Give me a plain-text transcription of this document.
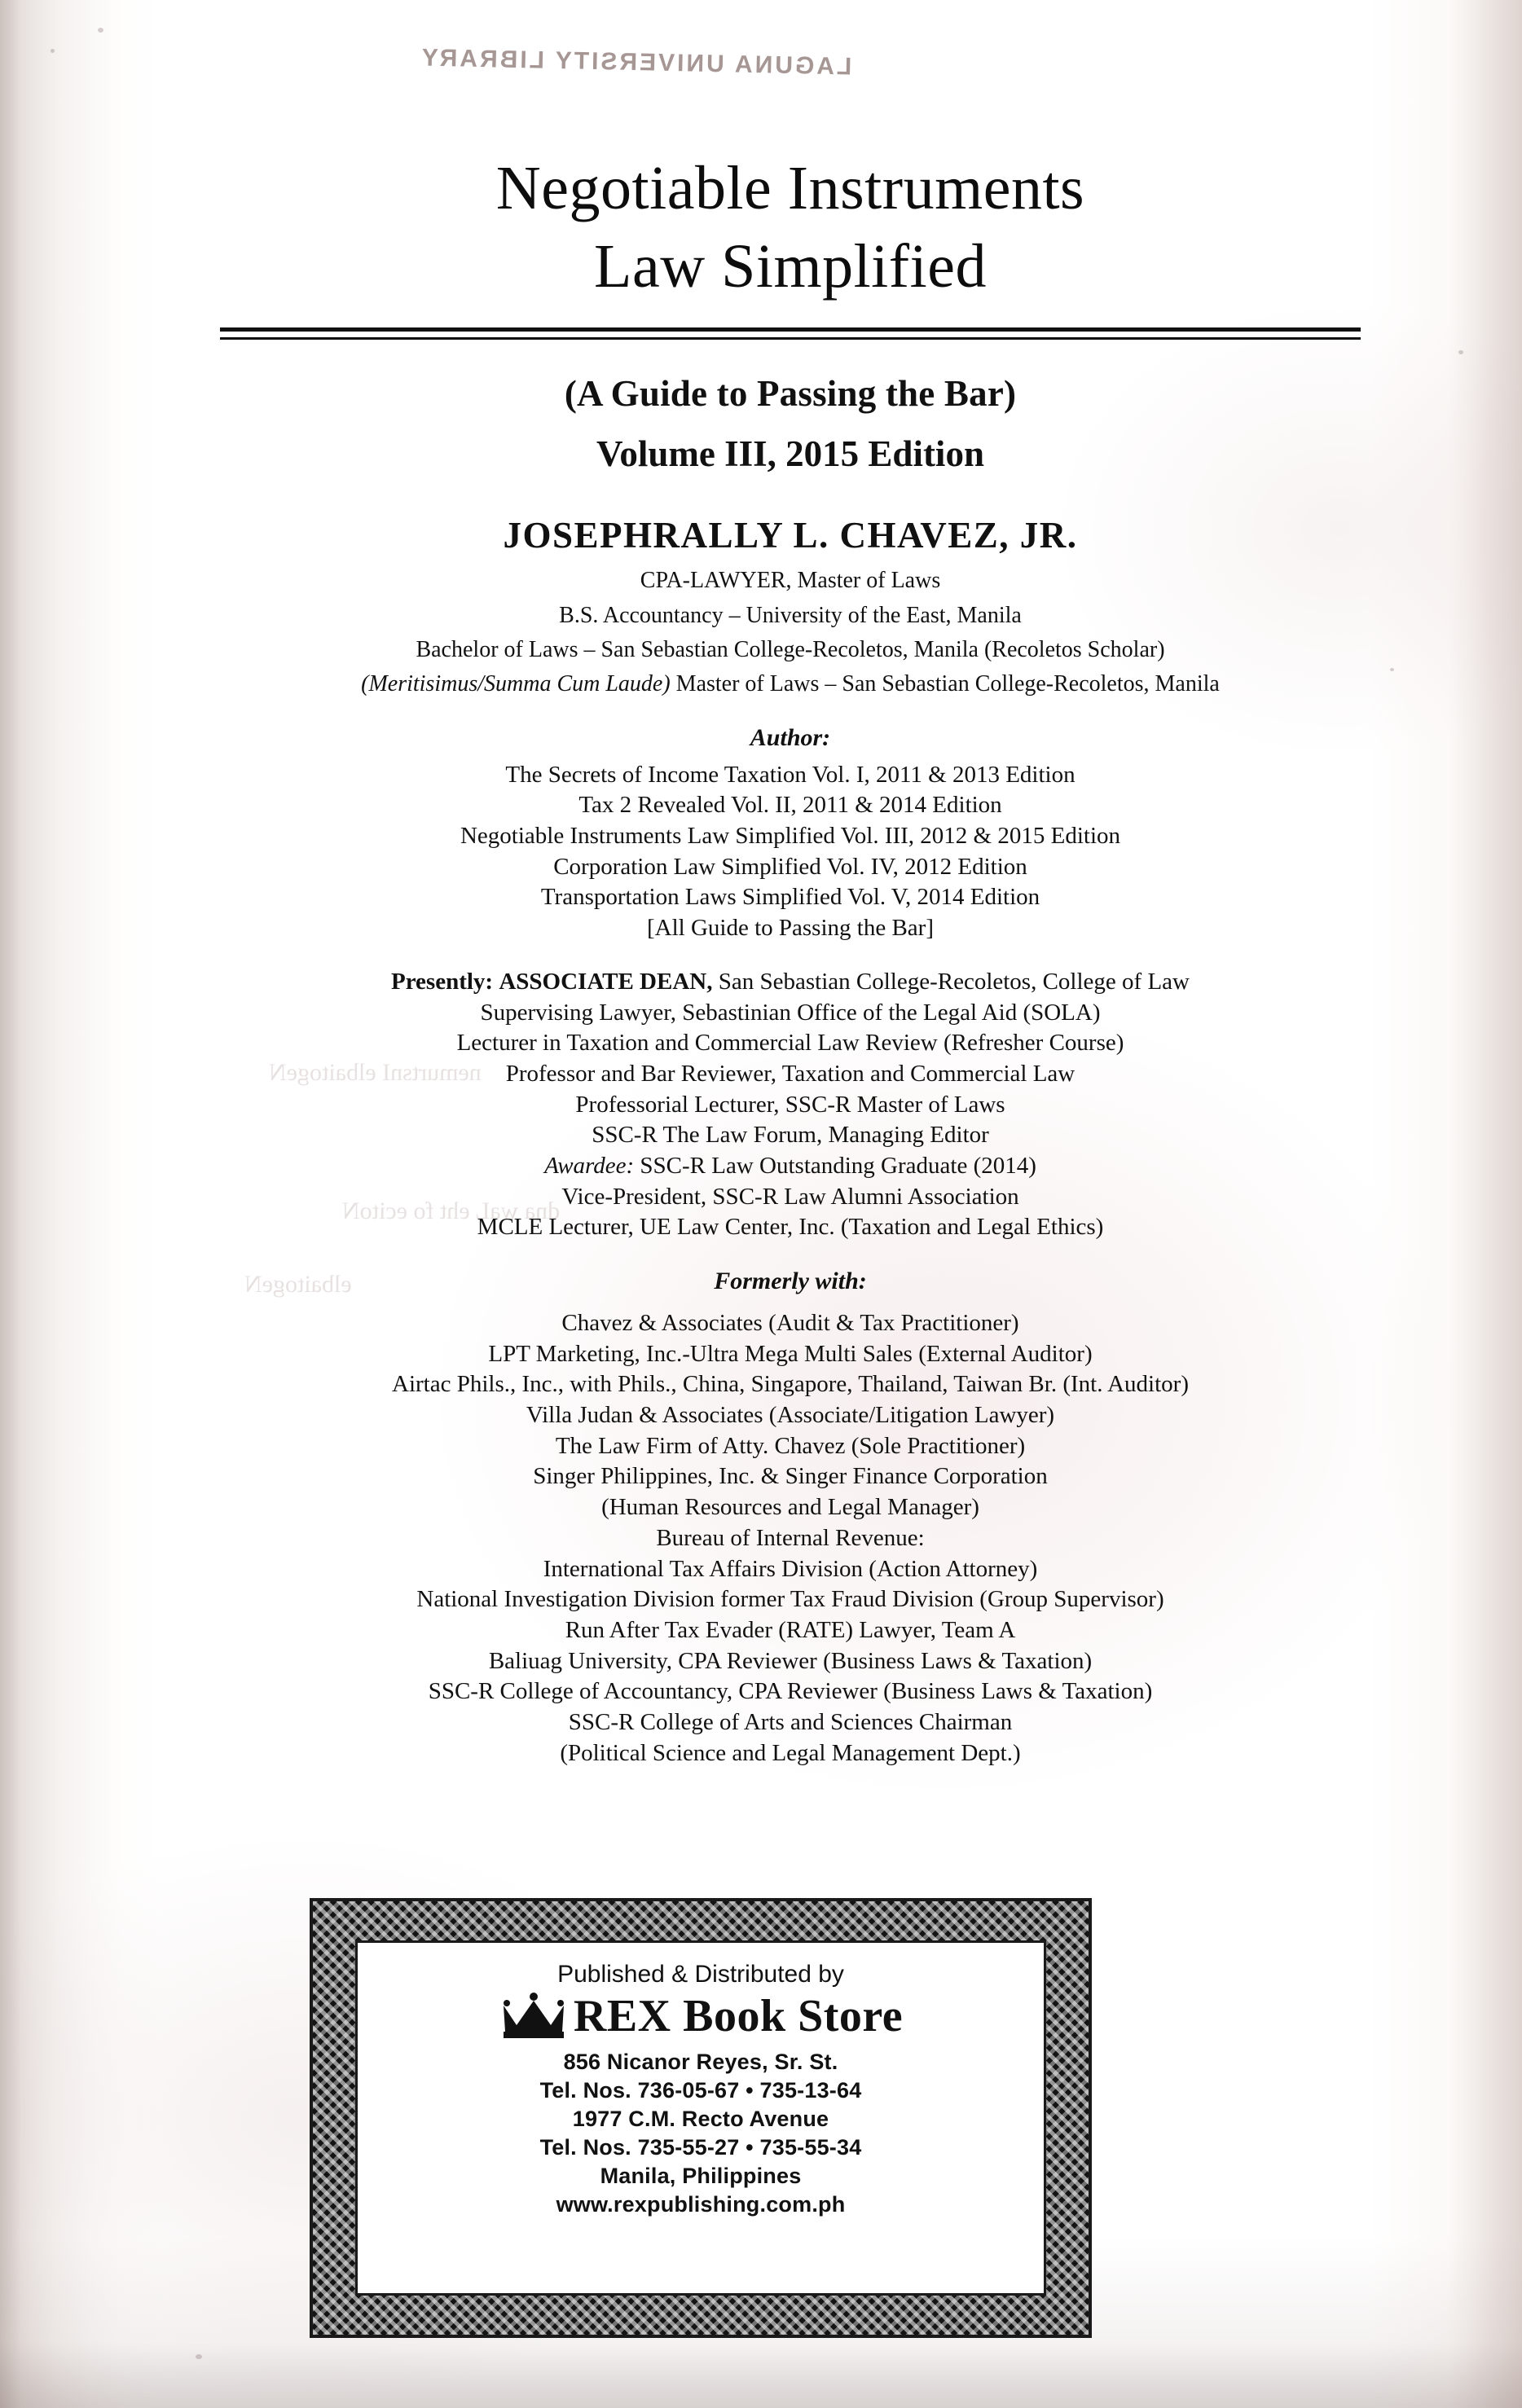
nemurtsnI elbaitogeN
dna waL eht fo ecitoN
elbaitogeN
LAGUNA UNIVERSITY LIBRARY
Negotiable Instruments
Law Simplified
(A Guide to Passing the Bar)
Volume III, 2015 Edition
JOSEPHRALLY L. CHAVEZ, JR.
CPA-LAWYER, Master of Laws
B.S. Accountancy – University of the East, Manila
Bachelor of Laws – San Sebastian College-Recoletos, Manila (Recoletos Scholar)
(Meritisimus/Summa Cum Laude) Master of Laws – San Sebastian College-Recoletos, Manila
Author:
The Secrets of Income Taxation Vol. I, 2011 & 2013 Edition
Tax 2 Revealed Vol. II, 2011 & 2014 Edition
Negotiable Instruments Law Simplified Vol. III, 2012 & 2015 Edition
Corporation Law Simplified Vol. IV, 2012 Edition
Transportation Laws Simplified Vol. V, 2014 Edition
[All Guide to Passing the Bar]
Presently: ASSOCIATE DEAN, San Sebastian College-Recoletos, College of Law
Supervising Lawyer, Sebastinian Office of the Legal Aid (SOLA)
Lecturer in Taxation and Commercial Law Review (Refresher Course)
Professor and Bar Reviewer, Taxation and Commercial Law
Professorial Lecturer, SSC-R Master of Laws
SSC-R The Law Forum, Managing Editor
Awardee: SSC-R Law Outstanding Graduate (2014)
Vice-President, SSC-R Law Alumni Association
MCLE Lecturer, UE Law Center, Inc. (Taxation and Legal Ethics)
Formerly with:
Chavez & Associates (Audit & Tax Practitioner)
LPT Marketing, Inc.-Ultra Mega Multi Sales (External Auditor)
Airtac Phils., Inc., with Phils., China, Singapore, Thailand, Taiwan Br. (Int. Auditor)
Villa Judan & Associates (Associate/Litigation Lawyer)
The Law Firm of Atty. Chavez (Sole Practitioner)
Singer Philippines, Inc. & Singer Finance Corporation
(Human Resources and Legal Manager)
Bureau of Internal Revenue:
International Tax Affairs Division (Action Attorney)
National Investigation Division former Tax Fraud Division (Group Supervisor)
Run After Tax Evader (RATE) Lawyer, Team A
Baliuag University, CPA Reviewer (Business Laws & Taxation)
SSC-R College of Accountancy, CPA Reviewer (Business Laws & Taxation)
SSC-R College of Arts and Sciences Chairman
(Political Science and Legal Management Dept.)
Published & Distributed by
REX Book Store
856 Nicanor Reyes, Sr. St.
Tel. Nos. 736-05-67 • 735-13-64
1977 C.M. Recto Avenue
Tel. Nos. 735-55-27 • 735-55-34
Manila, Philippines
www.rexpublishing.com.ph
